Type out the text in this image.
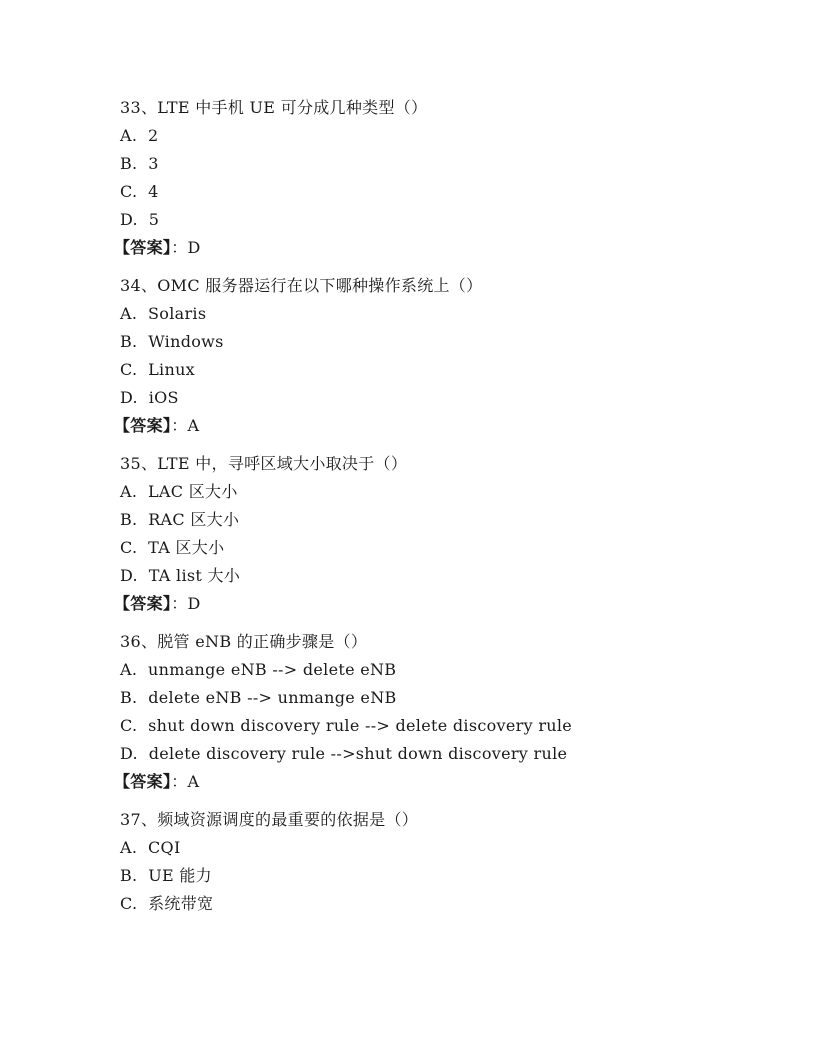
33、LTE 中手机 UE 可分成几种类型（）
A.  2
B.  3
C.  4
D.  5
【答案】：D
34、OMC 服务器运行在以下哪种操作系统上（）
A.  Solaris
B.  Windows
C.  Linux
D.  iOS
【答案】：A
35、LTE 中，寻呼区域大小取决于（）
A.  LAC 区大小
B.  RAC 区大小
C.  TA 区大小
D.  TA list 大小
【答案】：D
36、脱管 eNB 的正确步骤是（）
A.  unmange eNB --> delete eNB
B.  delete eNB --> unmange eNB
C.  shut down discovery rule --> delete discovery rule
D.  delete discovery rule -->shut down discovery rule
【答案】：A
37、频域资源调度的最重要的依据是（）
A.  CQI
B.  UE 能力
C.  系统带宽
